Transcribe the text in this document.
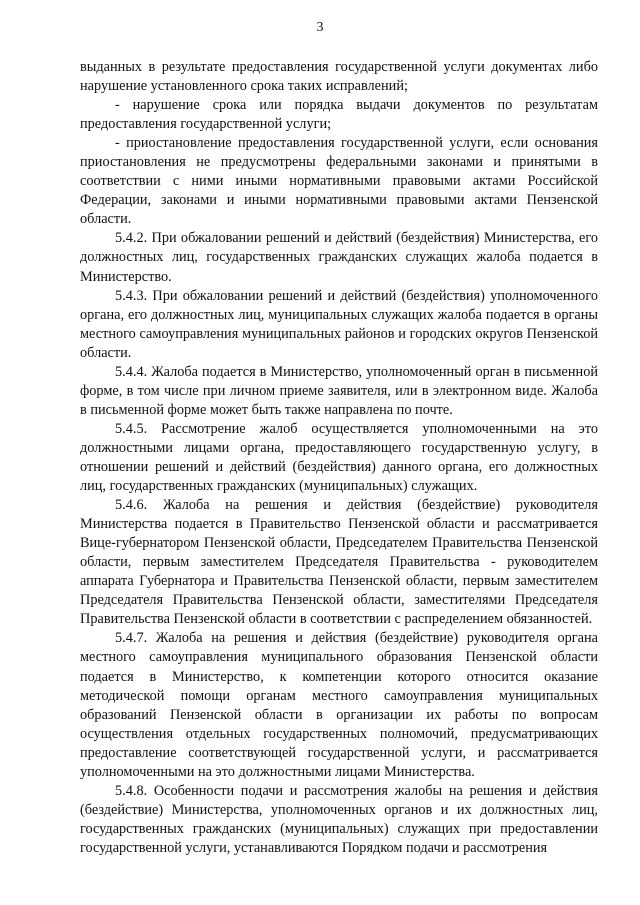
3

выданных в результате предоставления государственной услуги документах либо нарушение установленного срока таких исправлений;

- нарушение срока или порядка выдачи документов по результатам предоставления государственной услуги;

- приостановление предоставления государственной услуги, если основания приостановления не предусмотрены федеральными законами и принятыми в соответствии с ними иными нормативными правовыми актами Российской Федерации, законами и иными нормативными правовыми актами Пензенской области.

5.4.2. При обжаловании решений и действий (бездействия) Министерства, его должностных лиц, государственных гражданских служащих жалоба подается в Министерство.

5.4.3. При обжаловании решений и действий (бездействия) уполномоченного органа, его должностных лиц, муниципальных служащих жалоба подается в органы местного самоуправления муниципальных районов и городских округов Пензенской области.

5.4.4. Жалоба подается в Министерство, уполномоченный орган в письменной форме, в том числе при личном приеме заявителя, или в электронном виде. Жалоба в письменной форме может быть также направлена по почте.

5.4.5. Рассмотрение жалоб осуществляется уполномоченными на это должностными лицами органа, предоставляющего государственную услугу, в отношении решений и действий (бездействия) данного органа, его должностных лиц, государственных гражданских (муниципальных) служащих.

5.4.6. Жалоба на решения и действия (бездействие) руководителя Министерства подается в Правительство Пензенской области и рассматривается Вице-губернатором Пензенской области, Председателем Правительства Пензенской области, первым заместителем Председателя Правительства - руководителем аппарата Губернатора и Правительства Пензенской области, первым заместителем Председателя Правительства Пензенской области, заместителями Председателя Правительства Пензенской области в соответствии с распределением обязанностей.

5.4.7. Жалоба на решения и действия (бездействие) руководителя органа местного самоуправления муниципального образования Пензенской области подается в Министерство, к компетенции которого относится оказание методической помощи органам местного самоуправления муниципальных образований Пензенской области в организации их работы по вопросам осуществления отдельных государственных полномочий, предусматривающих предоставление соответствующей государственной услуги, и рассматривается уполномоченными на это должностными лицами Министерства.

5.4.8. Особенности подачи и рассмотрения жалобы на решения и действия (бездействие) Министерства, уполномоченных органов и их должностных лиц, государственных гражданских (муниципальных) служащих при предоставлении государственной услуги, устанавливаются Порядком подачи и рассмотрения
